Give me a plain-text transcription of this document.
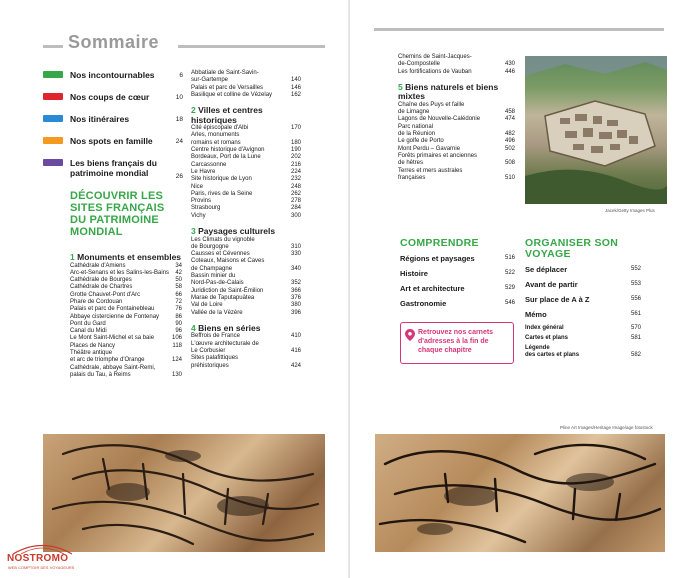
Sommaire
Nos incontournables	6
Nos coups de cœur	10
Nos itinéraires	18
Nos spots en famille	24
Les biens français du patrimoine mondial	26
DÉCOUVRIR LES SITES FRANÇAIS DU PATRIMOINE MONDIAL
1 Monuments et ensembles
Cathédrale d'Amiens	34
Arc-et-Senans et les Salins-les-Bains	42
Cathédrale de Bourges	50
Cathédrale de Chartres	58
Grotte Chauvet-Pont d'Arc	66
Phare de Cordouan	72
Palais et parc de Fontainebleau	76
Abbaye cistercienne de Fontenay	86
Pont du Gard	90
Canal du Midi	96
Le Mont Saint-Michel et sa baie	106
Places de Nancy	118
Théâtre antique
et arc de triomphe d'Orange	124
Cathédrale, abbaye Saint-Remi,
palais du Tau, à Reims	130
Abbatiale de Saint-Savin-
sur-Gartempe	140
Palais et parc de Versailles	146
Basilique et colline de Vézelay	162
2 Villes et centres historiques
Cité épiscopale d'Albi	170
Arles, monuments
romains et romans	180
Centre historique d'Avignon	190
Bordeaux, Port de la Lune	202
Carcassonne	216
Le Havre	224
Site historique de Lyon	232
Nice	248
Paris, rives de la Seine	262
Provins	278
Strasbourg	284
Vichy	300
3 Paysages culturels
Les Climats du vignoble
de Bourgogne	310
Causses et Cévennes	330
Coteaux, Maisons et Caves
de Champagne	340
Bassin minier du
Nord-Pas-de-Calais	352
Juridiction de Saint-Émilion	366
Marae de Taputapuātea	376
Val de Loire	380
Vallée de la Vézère	396
4 Biens en séries
Beffrois de France	410
L'œuvre architecturale de
Le Corbusier	416
Sites palafittiques
préhistoriques	424
NOSTROMO
WEB COMPTOIR DES VOYAGEURS
Chemins de Saint-Jacques-
de-Compostelle	430
Les fortifications de Vauban	446
5 Biens naturels et biens mixtes
Chaîne des Puys et faille
de Limagne	458
Lagons de Nouvelle-Calédonie	474
Parc national
de la Réunion	482
Le golfe de Porto	496
Mont Perdu – Gavarnie	502
Forêts primaires et anciennes
de hêtres	508
Terres et mers australes
françaises	510
Jacek/Getty Images Plus
COMPRENDRE
Régions et paysages	516
Histoire	522
Art et architecture	529
Gastronomie	546
ORGANISER SON VOYAGE
Se déplacer	552
Avant de partir	553
Sur place de A à Z	556
Mémo	561
Index général	570
Cartes et plans	581
Légende
des cartes et plans	582
Retrouvez nos carnets d'adresses à la fin de chaque chapitre
Pline Art Images/Heritage Image/age fotostock
